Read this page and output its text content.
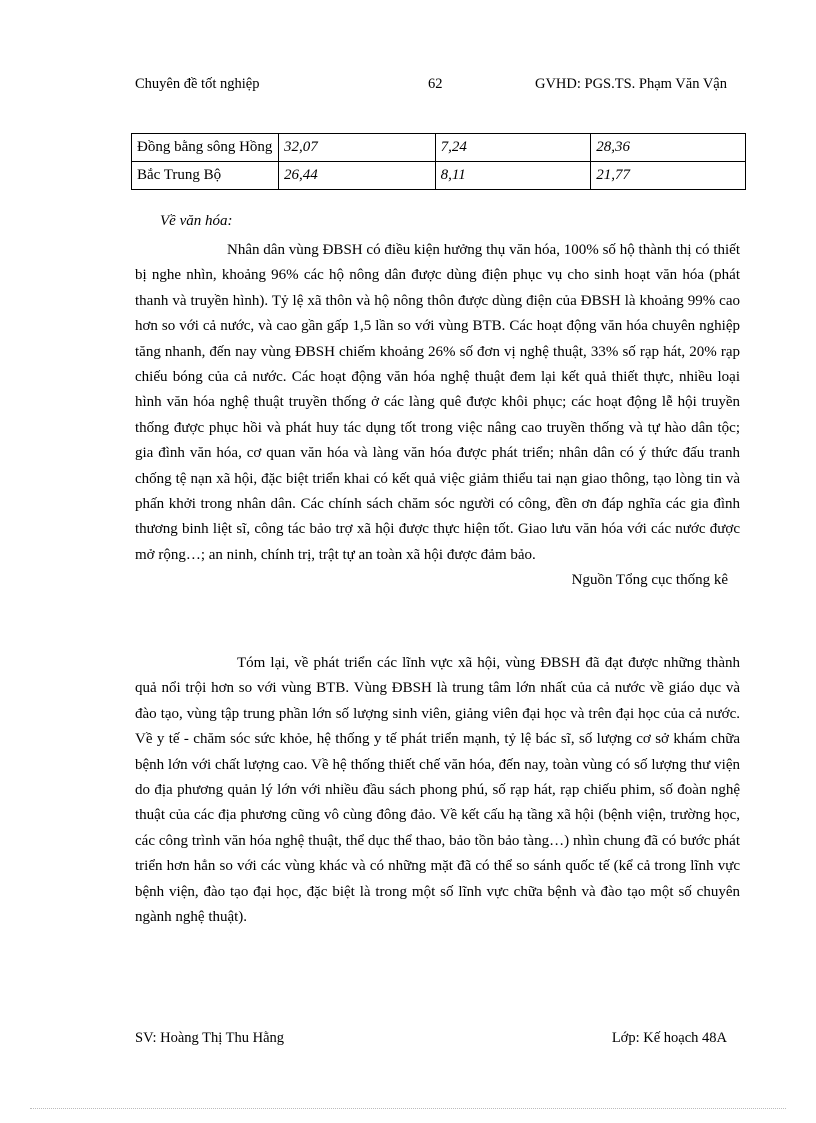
Chuyên đề tốt nghiệp	62	GVHD: PGS.TS. Phạm Văn Vận
Đồng bằng sông Hồng	32,07	7,24	28,36
Bắc Trung Bộ	26,44	8,11	21,77
Về văn hóa:

Nhân dân vùng ĐBSH có điều kiện hưởng thụ văn hóa, 100% số hộ thành thị có thiết bị nghe nhìn, khoảng 96% các hộ nông dân được dùng điện phục vụ cho sinh hoạt văn hóa (phát thanh và truyền hình). Tỷ lệ xã thôn và hộ nông thôn được dùng điện của ĐBSH là khoảng 99% cao hơn so với cả nước, và cao gần gấp 1,5 lần so với vùng BTB. Các hoạt động văn hóa chuyên nghiệp tăng nhanh, đến nay vùng ĐBSH chiếm khoảng 26% số đơn vị nghệ thuật, 33% số rạp hát, 20% rạp chiếu bóng của cả nước. Các hoạt động văn hóa nghệ thuật đem lại kết quả thiết thực, nhiều loại hình văn hóa nghệ thuật truyền thống ở các làng quê được khôi phục; các hoạt động lễ hội truyền thống được phục hồi và phát huy tác dụng tốt trong việc nâng cao truyền thống và tự hào dân tộc; gia đình văn hóa, cơ quan văn hóa và làng văn hóa được phát triển; nhân dân có ý thức đấu tranh chống tệ nạn xã hội, đặc biệt triển khai có kết quả việc giảm thiểu tai nạn giao thông, tạo lòng tin và phấn khởi trong nhân dân. Các chính sách chăm sóc người có công, đền ơn đáp nghĩa các gia đình thương binh liệt sĩ, công tác bảo trợ xã hội được thực hiện tốt. Giao lưu văn hóa với các nước được mở rộng…; an ninh, chính trị, trật tự an toàn xã hội được đảm bảo.
Nguồn Tổng cục thống kê

Tóm lại, về phát triển các lĩnh vực xã hội, vùng ĐBSH đã đạt được những thành quả nổi trội hơn so với vùng BTB. Vùng ĐBSH là trung tâm lớn nhất của cả nước về giáo dục và đào tạo, vùng tập trung phần lớn số lượng sinh viên, giảng viên đại học và trên đại học của cả nước. Về y tế - chăm sóc sức khỏe, hệ thống y tế phát triển mạnh, tỷ lệ bác sĩ, số lượng cơ sở khám chữa bệnh lớn với chất lượng cao. Về hệ thống thiết chế văn hóa, đến nay, toàn vùng có số lượng thư viện do địa phương quản lý lớn với nhiều đầu sách phong phú, số rạp hát, rạp chiếu phim, số đoàn nghệ thuật của các địa phương cũng vô cùng đông đảo. Về kết cấu hạ tầng xã hội (bệnh viện, trường học, các công trình văn hóa nghệ thuật, thể dục thể thao, bảo tồn bảo tàng…) nhìn chung đã có bước phát triển hơn hẳn so với các vùng khác và có những mặt đã có thể so sánh quốc tế (kể cả trong lĩnh vực bệnh viện, đào tạo đại học, đặc biệt là trong một số lĩnh vực chữa bệnh và đào tạo một số chuyên ngành nghệ thuật).

SV: Hoàng Thị Thu Hằng	Lớp: Kế hoạch 48A
